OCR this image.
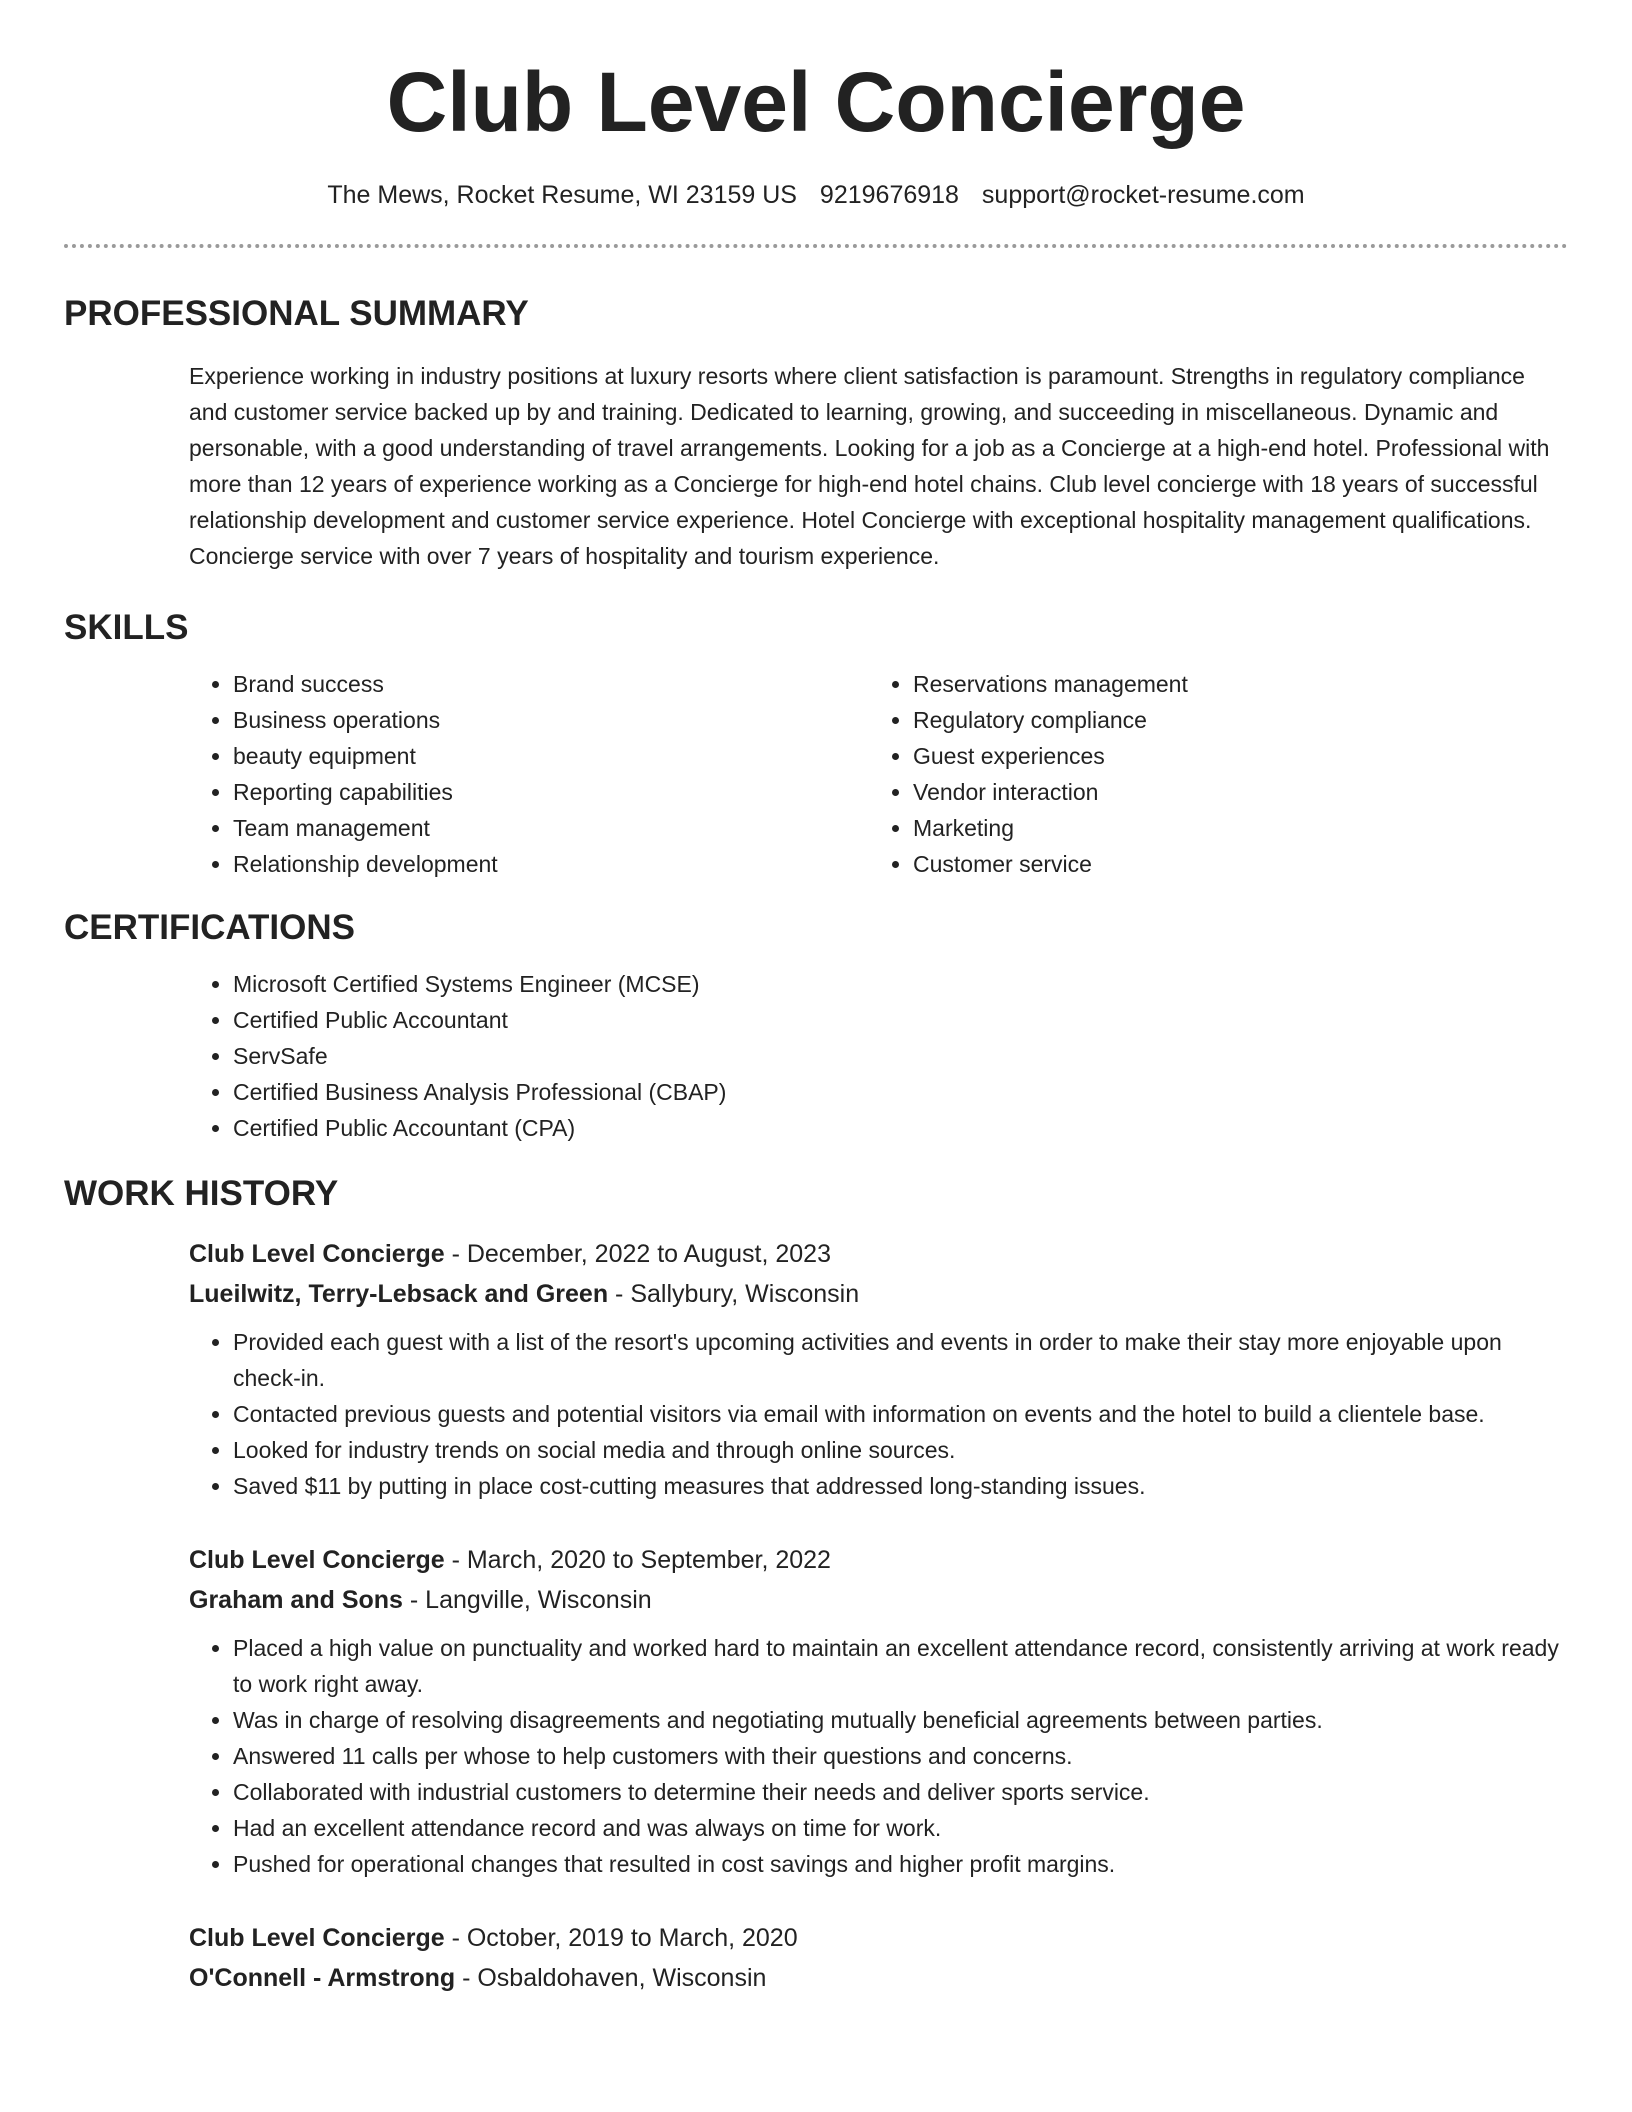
Club Level Concierge
The Mews, Rocket Resume, WI 23159 US 9219676918 support@rocket-resume.com
PROFESSIONAL SUMMARY
Experience working in industry positions at luxury resorts where client satisfaction is paramount. Strengths in regulatory compliance and customer service backed up by and training. Dedicated to learning, growing, and succeeding in miscellaneous. Dynamic and personable, with a good understanding of travel arrangements. Looking for a job as a Concierge at a high-end hotel. Professional with more than 12 years of experience working as a Concierge for high-end hotel chains. Club level concierge with 18 years of successful relationship development and customer service experience. Hotel Concierge with exceptional hospitality management qualifications. Concierge service with over 7 years of hospitality and tourism experience.
SKILLS
• Brand success
• Business operations
• beauty equipment
• Reporting capabilities
• Team management
• Relationship development
• Reservations management
• Regulatory compliance
• Guest experiences
• Vendor interaction
• Marketing
• Customer service
CERTIFICATIONS
• Microsoft Certified Systems Engineer (MCSE)
• Certified Public Accountant
• ServSafe
• Certified Business Analysis Professional (CBAP)
• Certified Public Accountant (CPA)
WORK HISTORY
Club Level Concierge - December, 2022 to August, 2023
Lueilwitz, Terry-Lebsack and Green - Sallybury, Wisconsin
• Provided each guest with a list of the resort's upcoming activities and events in order to make their stay more enjoyable upon check-in.
• Contacted previous guests and potential visitors via email with information on events and the hotel to build a clientele base.
• Looked for industry trends on social media and through online sources.
• Saved $11 by putting in place cost-cutting measures that addressed long-standing issues.
Club Level Concierge - March, 2020 to September, 2022
Graham and Sons - Langville, Wisconsin
• Placed a high value on punctuality and worked hard to maintain an excellent attendance record, consistently arriving at work ready to work right away.
• Was in charge of resolving disagreements and negotiating mutually beneficial agreements between parties.
• Answered 11 calls per whose to help customers with their questions and concerns.
• Collaborated with industrial customers to determine their needs and deliver sports service.
• Had an excellent attendance record and was always on time for work.
• Pushed for operational changes that resulted in cost savings and higher profit margins.
Club Level Concierge - October, 2019 to March, 2020
O'Connell - Armstrong - Osbaldohaven, Wisconsin
